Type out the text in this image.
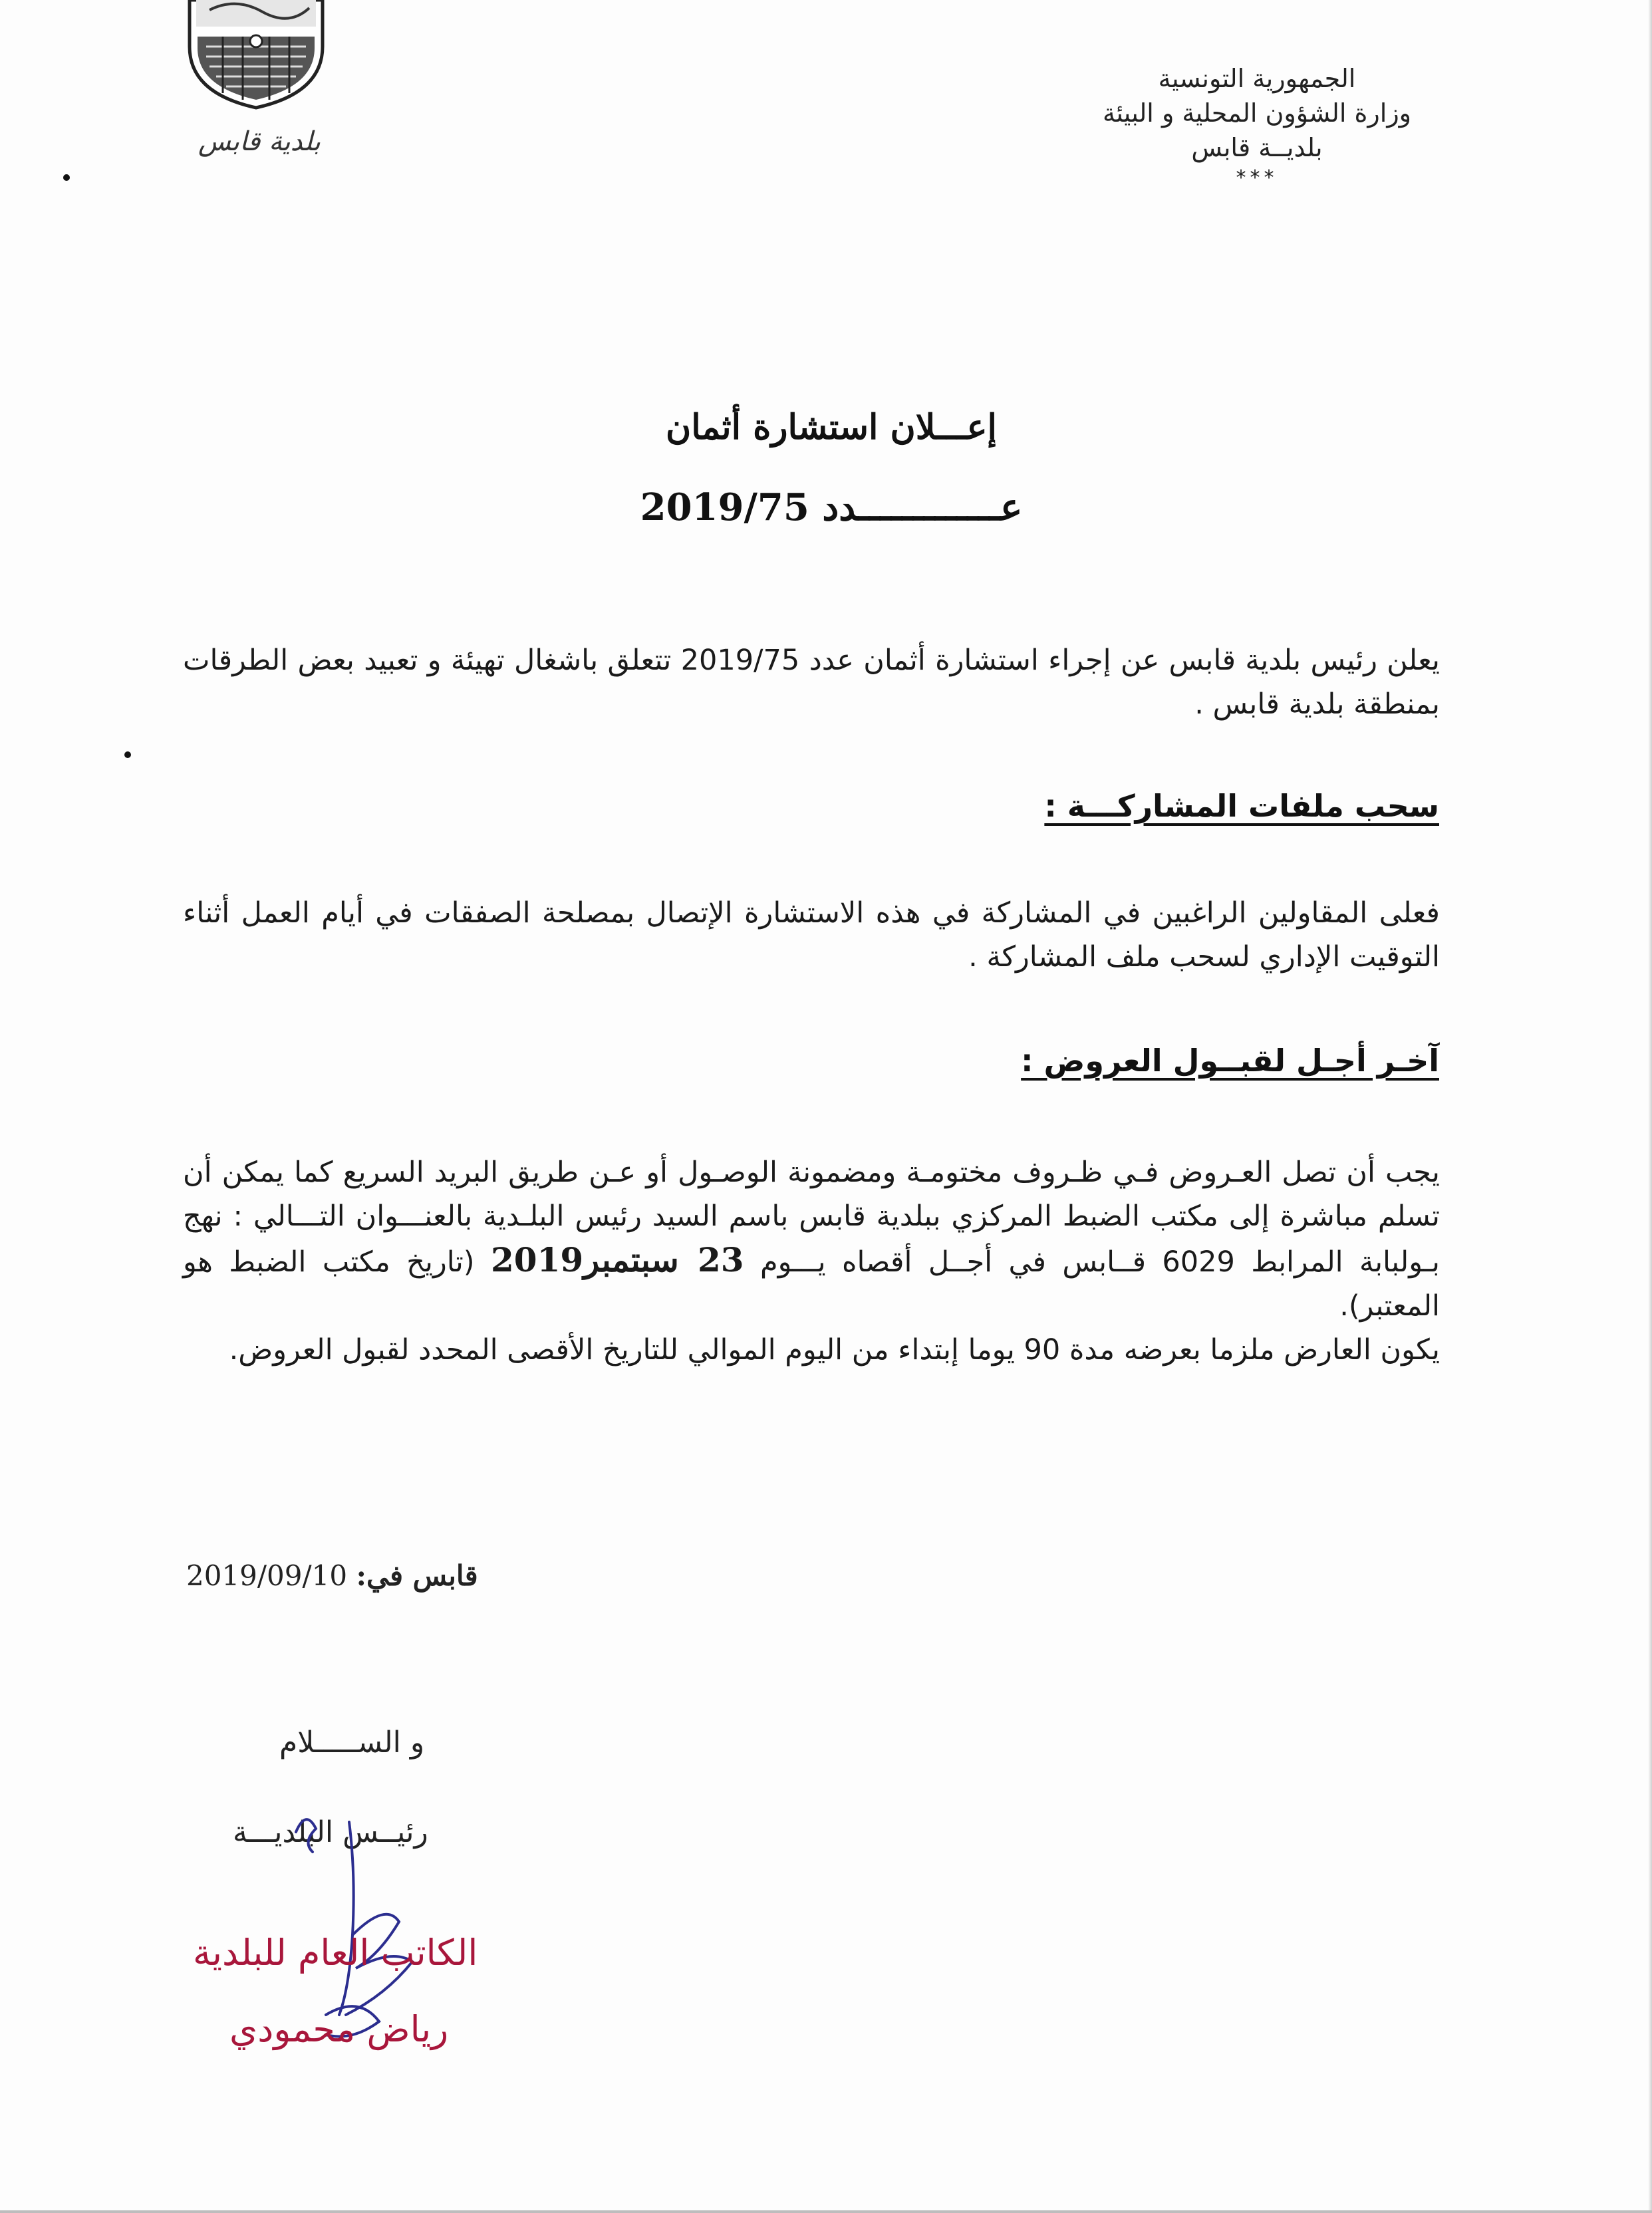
بلدية قابس
الجمهورية التونسية
وزارة الشؤون المحلية و البيئة
بلديــة قابس
***
إعـــلان استشارة أثمان
عـــــــــــــدد 2019/75
يعلن رئيس بلدية قابس عن إجراء استشارة أثمان عدد 2019/75 تتعلق باشغال تهيئة و تعبيد بعض الطرقات بمنطقة بلدية قابس .
سحب ملفات المشاركـــة :
فعلى المقاولين الراغبين في المشاركة في هذه الاستشارة الإتصال بمصلحة الصفقات في أيام العمل أثناء التوقيت الإداري لسحب ملف المشاركة .
آخـر أجـل لقبــول العروض :
يجب أن تصل العـروض فـي ظـروف مختومـة ومضمونة الوصـول أو عـن طريق البريد السريع كما يمكن أن تسلم مباشرة إلى مكتب الضبط المركزي ببلدية قابس باسم السيد رئيس البلـدية بالعنـــوان التـــالي : نهج بـولبابة المرابط 6029 قــابس في أجــل أقصاه يـــوم 23 سبتمبر2019 (تاريخ مكتب الضبط هو المعتبر).
يكون العارض ملزما بعرضه مدة 90 يوما إبتداء من اليوم الموالي للتاريخ الأقصى المحدد لقبول العروض.
قابس في: 2019/09/10
و الســـــلام
رئيــس البلديـــة
الكاتب العام للبلدية
رياض محمودي
